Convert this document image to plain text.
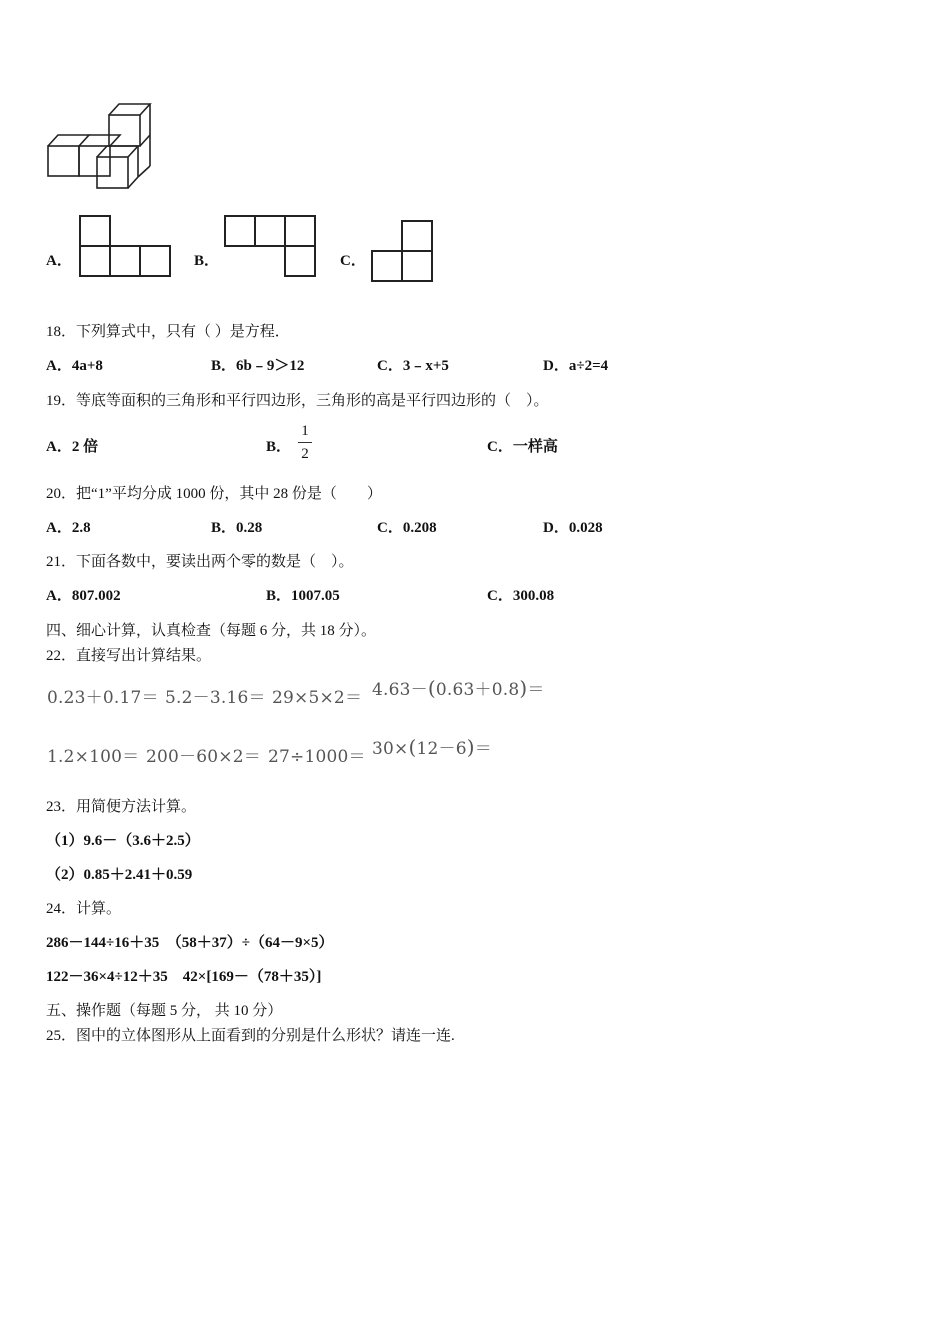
A．	B．	C．
18．下列算式中，只有（ ）是方程．
A．4a+8	B．6b﹣9＞12	C．3﹣x+5	D．a÷2=4
19．等底等面积的三角形和平行四边形，三角形的高是平行四边形的（　）。
A．2 倍	B．
1
2	C．一样高
20．把“1”平均分成 1000 份，其中 28 份是（　　）
A．2.8	B．0.28	C．0.208	D．0.028
21．下面各数中，要读出两个零的数是（　）。
A．807.002	B．1007.05	C．300.08
四、细心计算，认真检查（每题 6 分，共 18 分）。
22．直接写出计算结果。
0.23＋0.17＝ 5.2－3.16＝ 29×5×2＝ 4.63－(0.63＋0.8)＝
1.2×100＝ 200－60×2＝ 27÷1000＝ 30×(12－6)＝
23．用简便方法计算。
（1）9.6－（3.6＋2.5）
（2）0.85＋2.41＋0.59
24．计算。
286－144÷16＋35　（58＋37）÷（64－9×5）
122－36×4÷12＋35　42×[169－（78＋35）]
五、操作题（每题 5 分， 共 10 分）
25．图中的立体图形从上面看到的分别是什么形状？请连一连.
